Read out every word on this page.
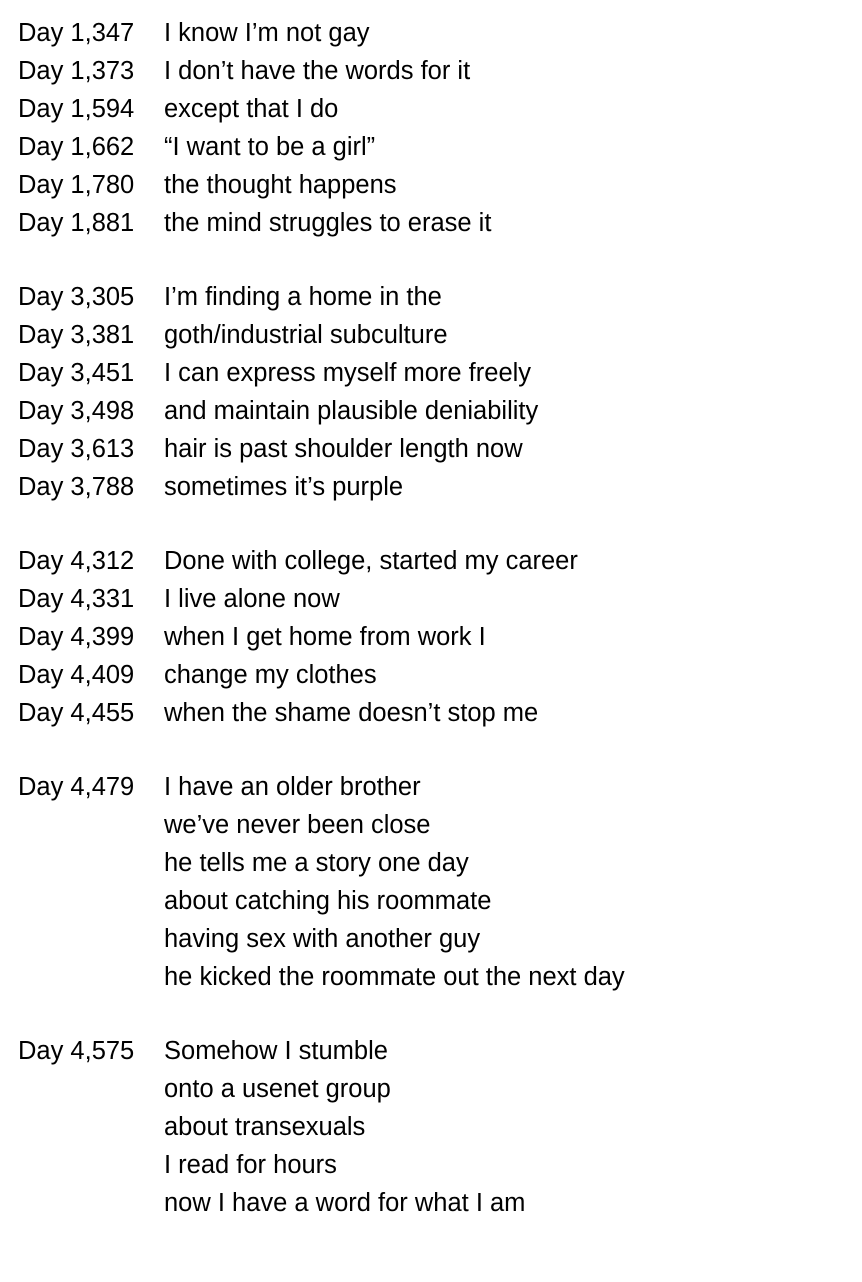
Day 1,347	I know I’m not gay
Day 1,373	I don’t have the words for it
Day 1,594	except that I do
Day 1,662	“I want to be a girl”
Day 1,780	the thought happens
Day 1,881	the mind struggles to erase it
Day 3,305	I’m finding a home in the
Day 3,381	goth/industrial subculture
Day 3,451	I can express myself more freely
Day 3,498	and maintain plausible deniability
Day 3,613	hair is past shoulder length now
Day 3,788	sometimes it’s purple
Day 4,312	Done with college, started my career
Day 4,331	I live alone now
Day 4,399	when I get home from work I
Day 4,409	change my clothes
Day 4,455	when the shame doesn’t stop me
Day 4,479	I have an older brother
we’ve never been close
he tells me a story one day
about catching his roommate
having sex with another guy
he kicked the roommate out the next day
Day 4,575	Somehow I stumble
onto a usenet group
about transexuals
I read for hours
now I have a word for what I am
